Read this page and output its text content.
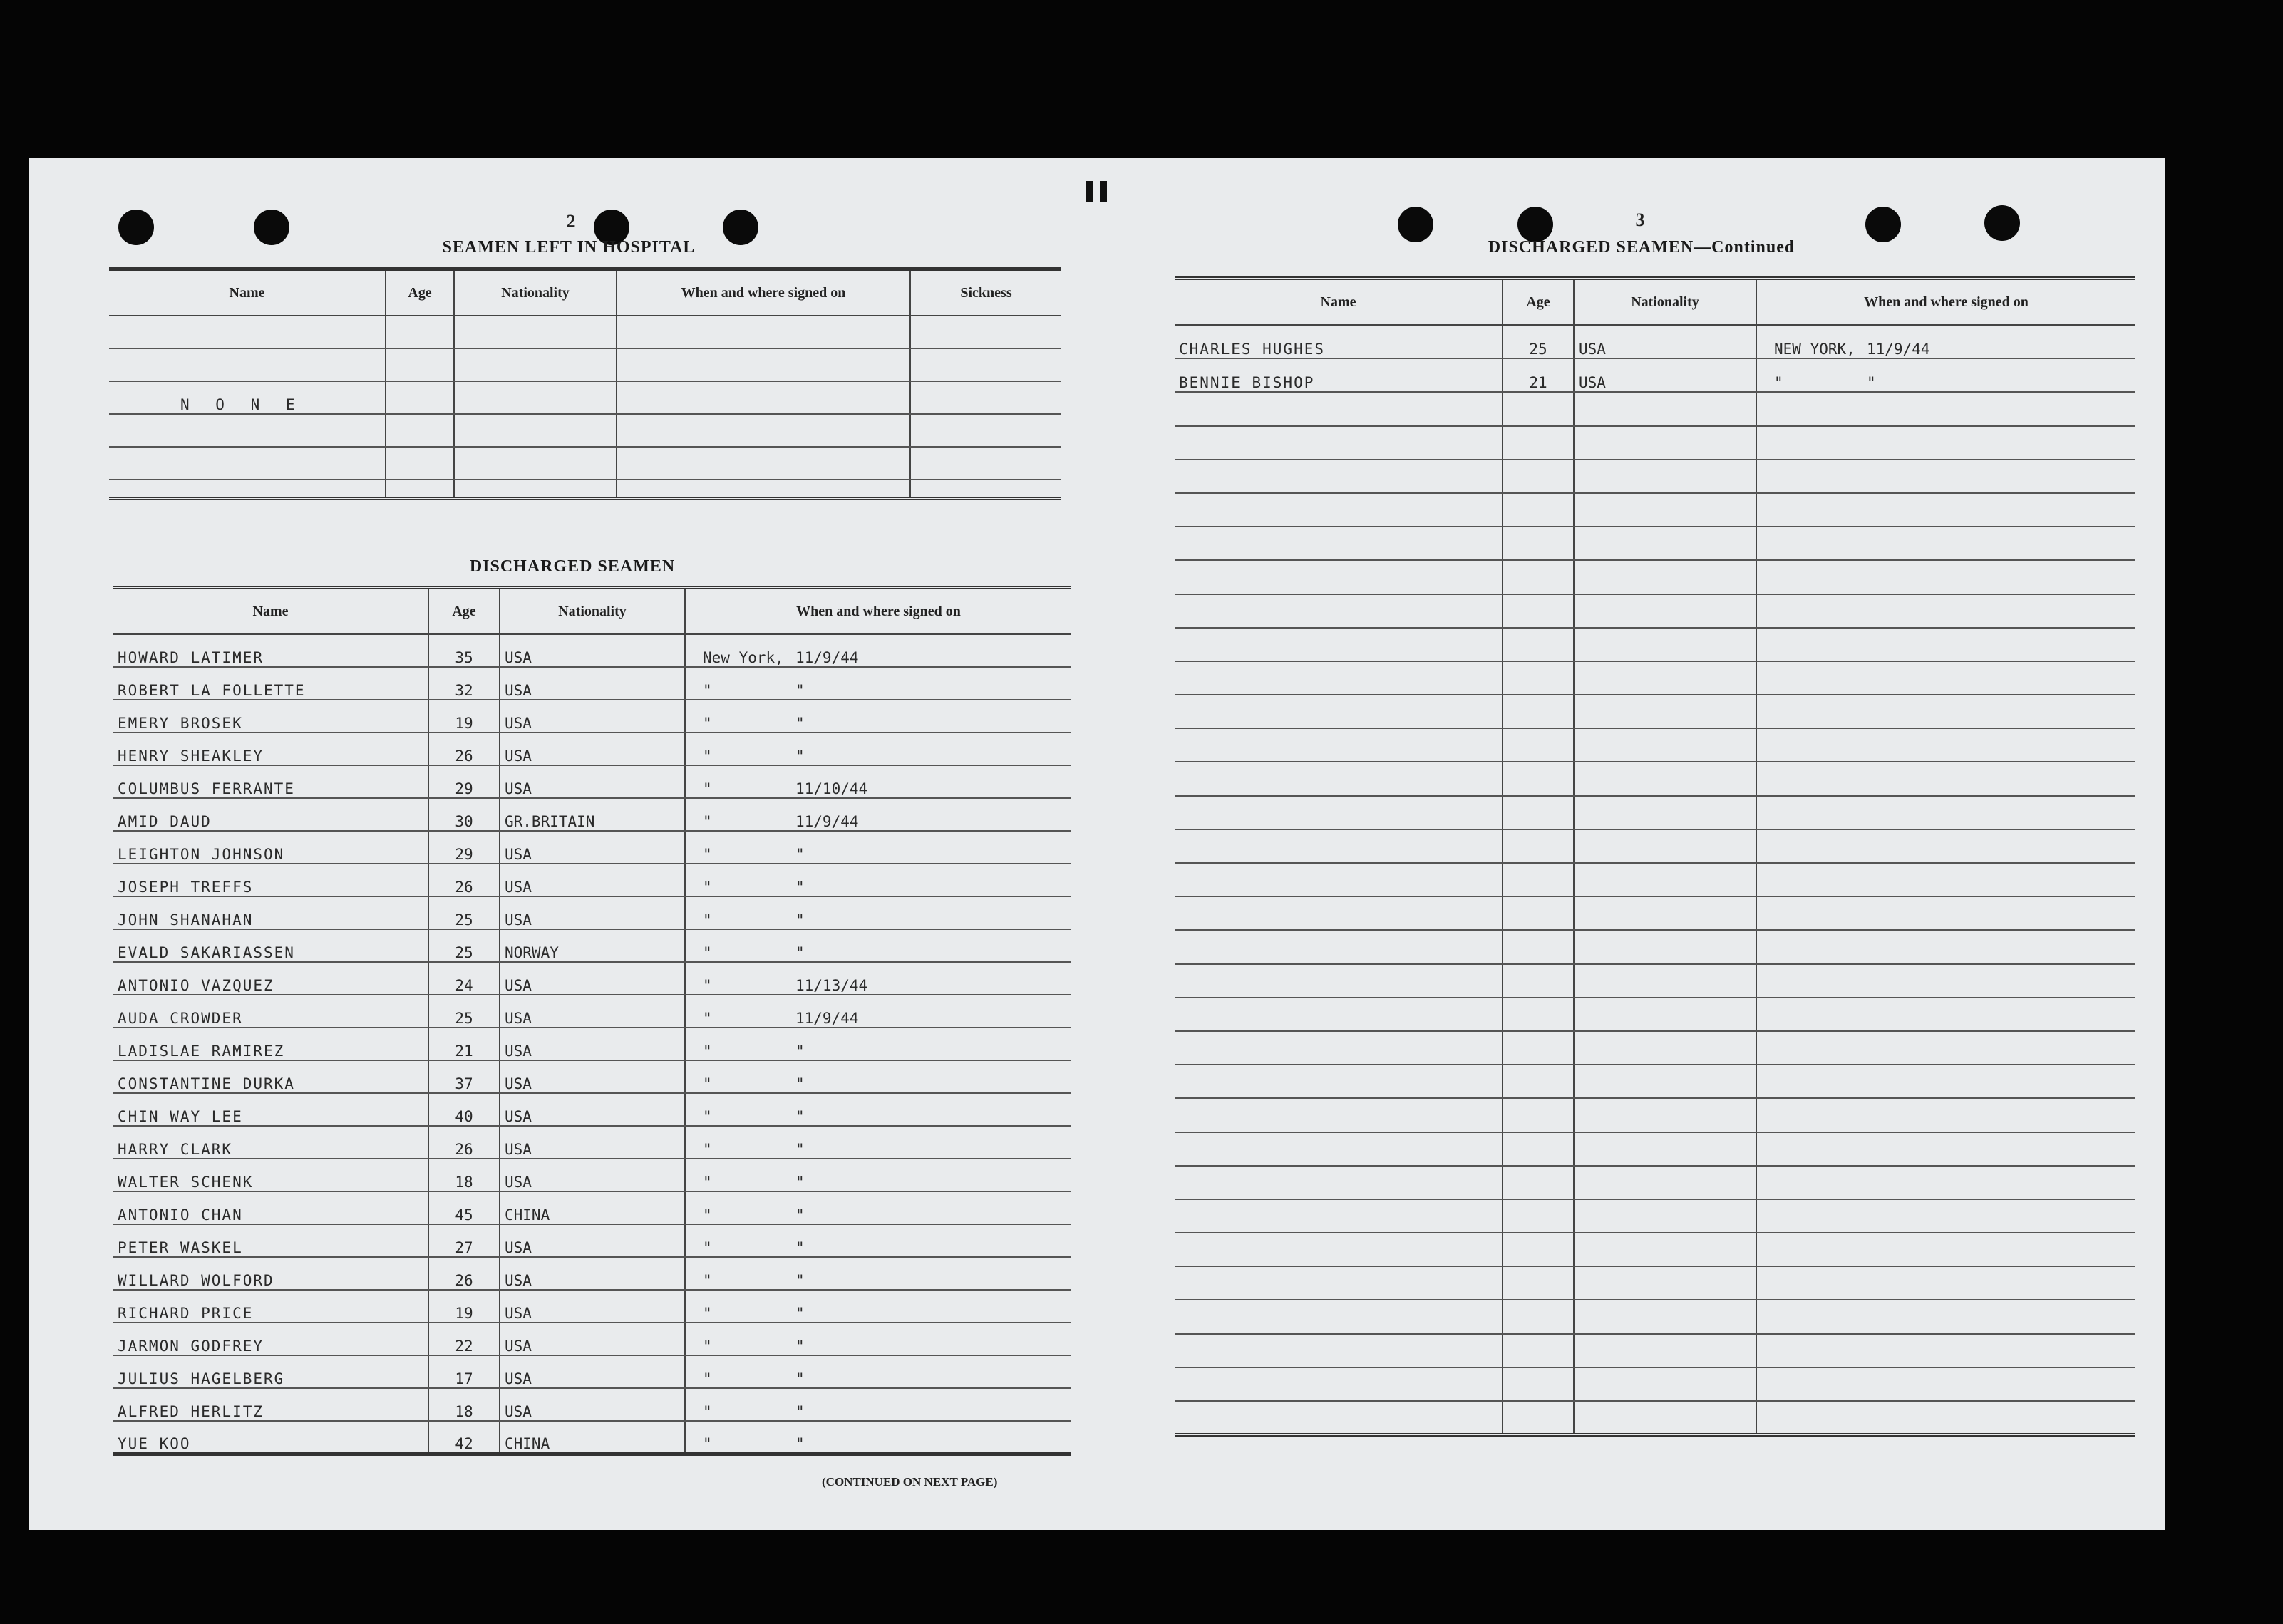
2
SEAMEN LEFT IN HOSPITAL
Name	Age	Nationality	When and where signed on	Sickness

N O N E				

DISCHARGED SEAMEN
Name	Age	Nationality	When and where signed on
HOWARD LATIMER	35	USA	New York, 11/9/44
ROBERT LA FOLLETTE	32	USA	" "
EMERY BROSEK	19	USA	" "
HENRY SHEAKLEY	26	USA	" "
COLUMBUS FERRANTE	29	USA	" 11/10/44
AMID DAUD	30	GR.BRITAIN	" 11/9/44
LEIGHTON JOHNSON	29	USA	" "
JOSEPH TREFFS	26	USA	" "
JOHN SHANAHAN	25	USA	" "
EVALD SAKARIASSEN	25	NORWAY	" "
ANTONIO VAZQUEZ	24	USA	" 11/13/44
AUDA CROWDER	25	USA	" 11/9/44
LADISLAE RAMIREZ	21	USA	" "
CONSTANTINE DURKA	37	USA	" "
CHIN WAY LEE	40	USA	" "
HARRY CLARK	26	USA	" "
WALTER SCHENK	18	USA	" "
ANTONIO CHAN	45	CHINA	" "
PETER WASKEL	27	USA	" "
WILLARD WOLFORD	26	USA	" "
RICHARD PRICE	19	USA	" "
JARMON GODFREY	22	USA	" "
JULIUS HAGELBERG	17	USA	" "
ALFRED HERLITZ	18	USA	" "
YUE KOO	42	CHINA	" "
(CONTINUED ON NEXT PAGE)
3
DISCHARGED SEAMEN—Continued
Name	Age	Nationality	When and where signed on
CHARLES HUGHES	25	USA	NEW YORK, 11/9/44
BENNIE BISHOP	21	USA	" "
